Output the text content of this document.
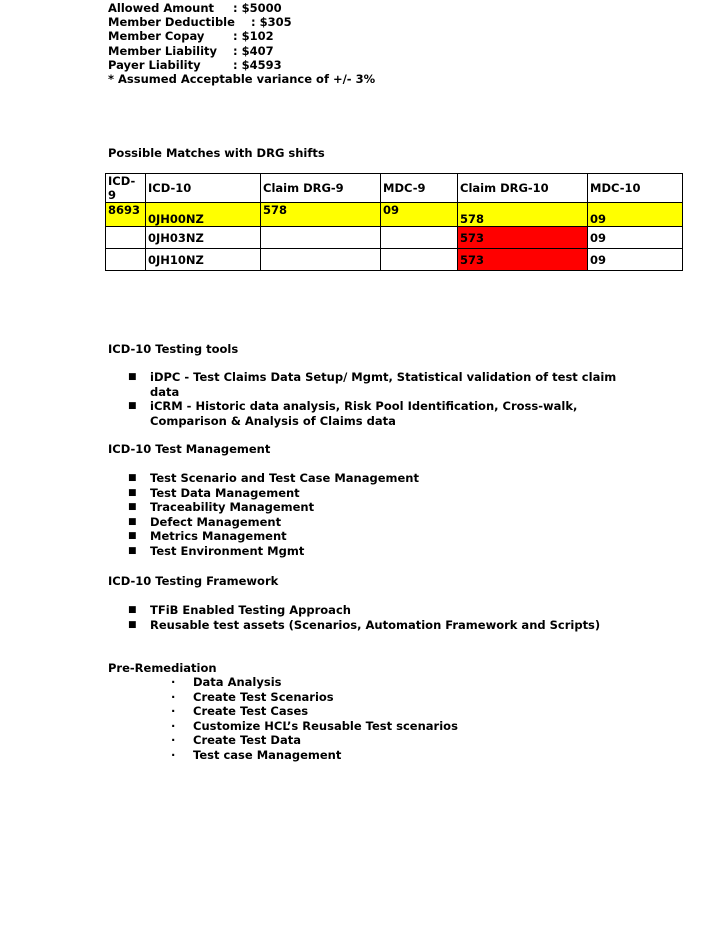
Allowed Amount : $5000
Member Deductible : $305
Member Copay : $102
Member Liability : $407
Payer Liability	: $4593
* Assumed Acceptable variance of +/- 3%
Possible Matches with DRG shifts
ICD-9	ICD-10	Claim DRG-9	MDC-9	Claim DRG-10	MDC-10
8693	0JH00NZ	578	09	578	09
	0JH03NZ			573	09
	0JH10NZ			573	09
ICD-10 Testing tools
■ iDPC - Test Claims Data Setup/ Mgmt, Statistical validation of test claim data
■ iCRM - Historic data analysis, Risk Pool Identification, Cross-walk, Comparison & Analysis of Claims data
ICD-10 Test Management
■ Test Scenario and Test Case Management
■ Test Data Management
■ Traceability Management
■ Defect Management
■ Metrics Management
■ Test Environment Mgmt
ICD-10 Testing Framework
■ TFiB Enabled Testing Approach
■ Reusable test assets (Scenarios, Automation Framework and Scripts)
Pre-Remediation
· Data Analysis
· Create Test Scenarios
· Create Test Cases
· Customize HCL’s Reusable Test scenarios
· Create Test Data
· Test case Management
